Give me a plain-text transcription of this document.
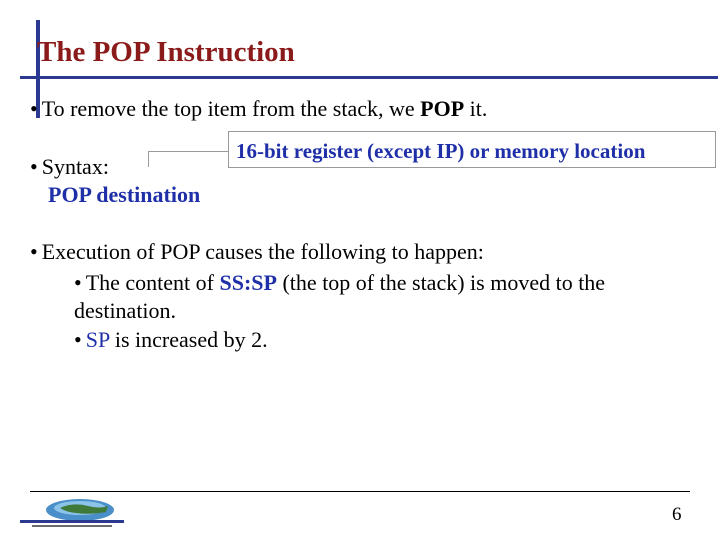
The POP Instruction
• To remove the top item from the stack, we POP it.
16-bit register (except IP) or memory location
• Syntax:
POP destination
• Execution of POP causes the following to happen:
• The content of SS:SP (the top of the stack) is moved to the
destination.
• SP is increased by 2.
6
